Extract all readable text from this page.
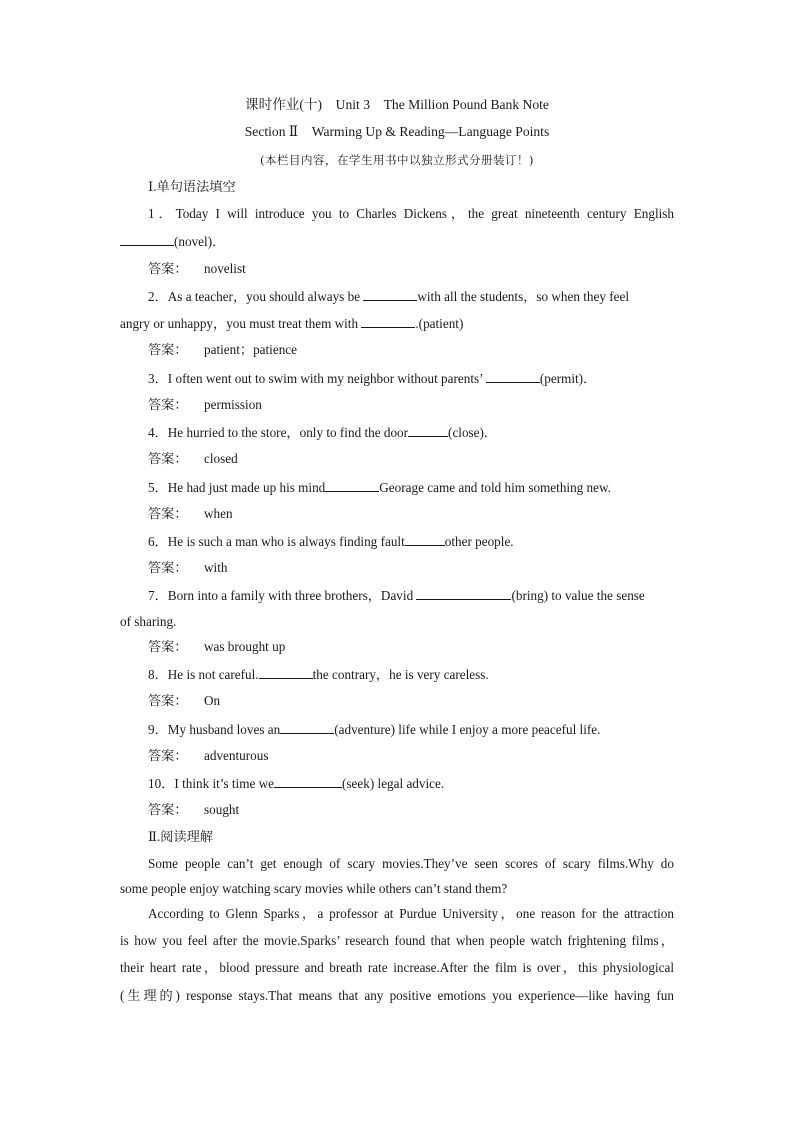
课时作业(十)　Unit 3　The Million Pound Bank Note
Section Ⅱ　Warming Up & Reading—Language Points
(本栏目内容，在学生用书中以独立形式分册装订！)
Ⅰ.单句语法填空
1．Today I will introduce you to Charles Dickens，the great nineteenth century English
(novel)．
答案： novelist
2．As a teacher，you should always be	with all the students，so when they feel
angry or unhappy，you must treat them with	.(patient)
答案： patient；patience
3．I often went out to swim with my neighbor without parents’	(permit)．
答案： permission
4．He hurried to the store，only to find the door	(close)．
答案： closed
5．He had just made up his mind	Georage came and told him something new.
答案： when
6．He is such a man who is always finding fault	other people.
答案： with
7．Born into a family with three brothers，David	(bring) to value the sense
of sharing.
答案： was brought up
8．He is not careful.	the contrary，he is very careless.
答案： On
9．My husband loves an	(adventure) life while I enjoy a more peaceful life.
答案： adventurous
10．I think it’s time we	(seek) legal advice.
答案： sought
Ⅱ.阅读理解
Some people can’t get enough of scary movies.They’ve seen scores of scary films.Why do
some people enjoy watching scary movies while others can’t stand them?
According to Glenn Sparks，a professor at Purdue University，one reason for the attraction
is how you feel after the movie.Sparks’ research found that when people watch frightening films，
their heart rate，blood pressure and breath rate increase.After the film is over，this physiological
(生理的) response stays.That means that any positive emotions you experience—like having fun
